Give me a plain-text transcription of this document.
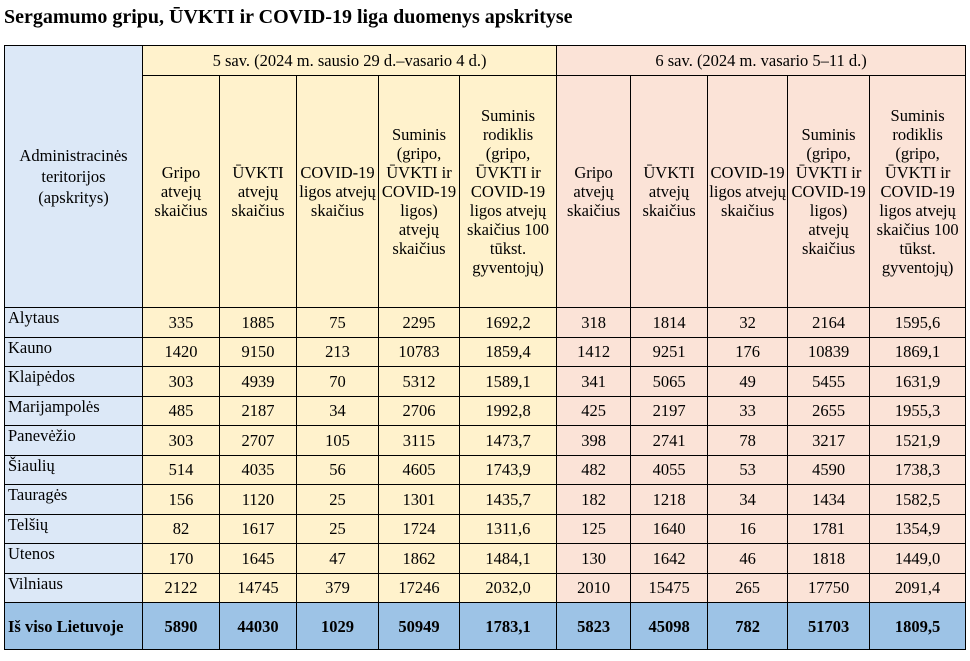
Sergamumo gripu, ŪVKTI ir COVID-19 liga duomenys apskrityse
Administracinės teritorijos (apskritys)	5 sav. (2024 m. sausio 29 d.–vasario 4 d.)					6 sav. (2024 m. vasario 5–11 d.)				
	Gripo atvejų skaičius	ŪVKTI atvejų skaičius	COVID-19 ligos atvejų skaičius	Suminis (gripo, ŪVKTI ir COVID-19 ligos) atvejų skaičius	Suminis rodiklis (gripo, ŪVKTI ir COVID-19 ligos atvejų skaičius 100 tūkst. gyventojų)	Gripo atvejų skaičius	ŪVKTI atvejų skaičius	COVID-19 ligos atvejų skaičius	Suminis (gripo, ŪVKTI ir COVID-19 ligos) atvejų skaičius	Suminis rodiklis (gripo, ŪVKTI ir COVID-19 ligos atvejų skaičius 100 tūkst. gyventojų)
Alytaus	335	1885	75	2295	1692,2	318	1814	32	2164	1595,6
Kauno	1420	9150	213	10783	1859,4	1412	9251	176	10839	1869,1
Klaipėdos	303	4939	70	5312	1589,1	341	5065	49	5455	1631,9
Marijampolės	485	2187	34	2706	1992,8	425	2197	33	2655	1955,3
Panevėžio	303	2707	105	3115	1473,7	398	2741	78	3217	1521,9
Šiaulių	514	4035	56	4605	1743,9	482	4055	53	4590	1738,3
Tauragės	156	1120	25	1301	1435,7	182	1218	34	1434	1582,5
Telšių	82	1617	25	1724	1311,6	125	1640	16	1781	1354,9
Utenos	170	1645	47	1862	1484,1	130	1642	46	1818	1449,0
Vilniaus	2122	14745	379	17246	2032,0	2010	15475	265	17750	2091,4
Iš viso Lietuvoje	5890	44030	1029	50949	1783,1	5823	45098	782	51703	1809,5
